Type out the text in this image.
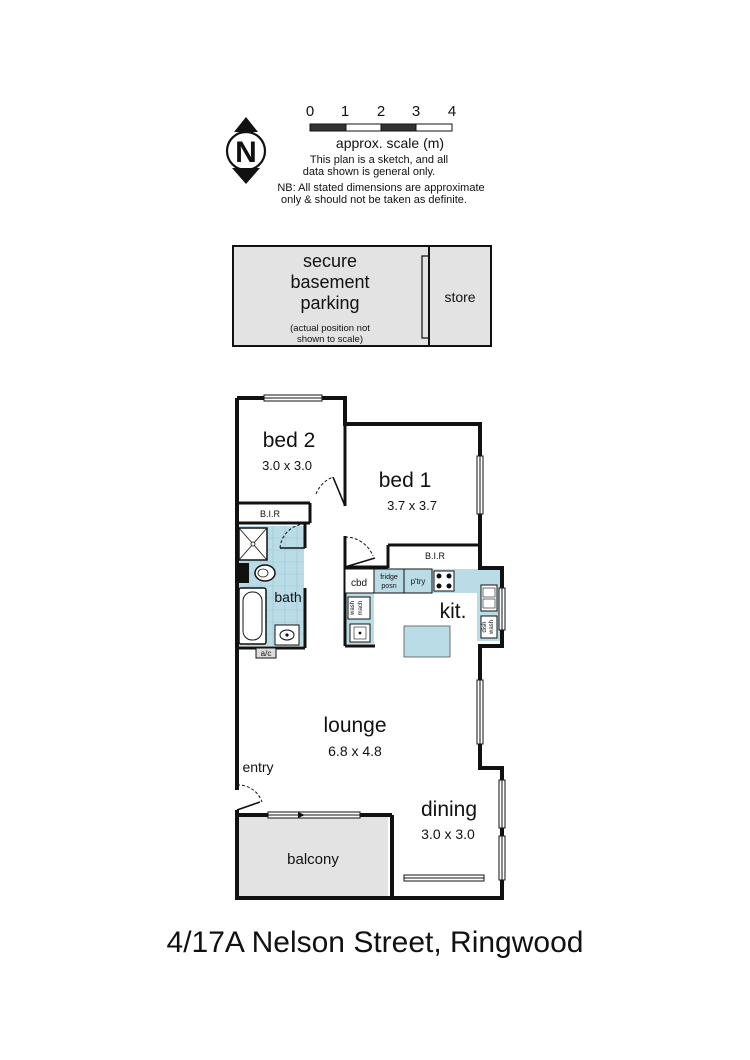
N
0 1 2 3 4
approx. scale (m)
This plan is a sketch, and all
data shown is general only.
NB: All stated dimensions are approximate
only & should not be taken as definite.
secure
basement
parking
(actual position not
shown to scale)
store
a/c
cbd
fridge
posn
p'try
dish wash
wash mach
B.I.R
B.I.R
bed 2
3.0 x 3.0
bed 1
3.7 x 3.7
bath
kit.
lounge
6.8 x 4.8
entry
dining
3.0 x 3.0
balcony
4/17A Nelson Street, Ringwood
